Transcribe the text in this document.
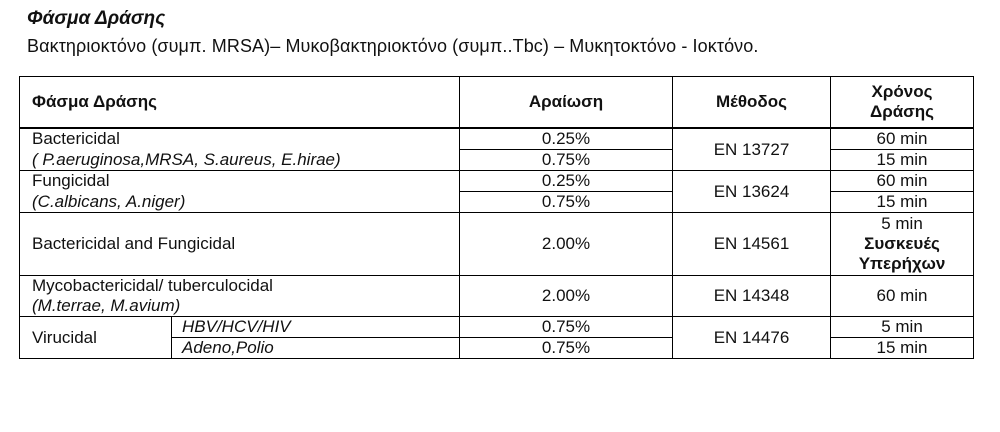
Φάσμα Δράσης
Βακτηριοκτόνο (συμπ. MRSA)– Μυκοβακτηριοκτόνο (συμπ..Tbc) – Μυκητοκτόνο - Ιοκτόνο.
Φάσμα Δράσης		Αραίωση	Μέθοδος	Χρόνος Δράσης
Bactericidal		0.25%	EN 13727	60 min
( P.aeruginosa,MRSA, S.aureus, E.hirae)		0.75%		15 min
Fungicidal		0.25%	EN 13624	60 min
(C.albicans, A.niger)		0.75%		15 min
Bactericidal and Fungicidal		2.00%	EN 14561	5 min
Συσκευές
Υπερήχων

Mycobactericidal/ tuberculocidal
(M.terrae, M.avium)		2.00%	EN 14348	60 min
Virucidal	HBV/HCV/HIV	0.75%	EN 14476	5 min
	Adeno,Polio	0.75%		15 min
